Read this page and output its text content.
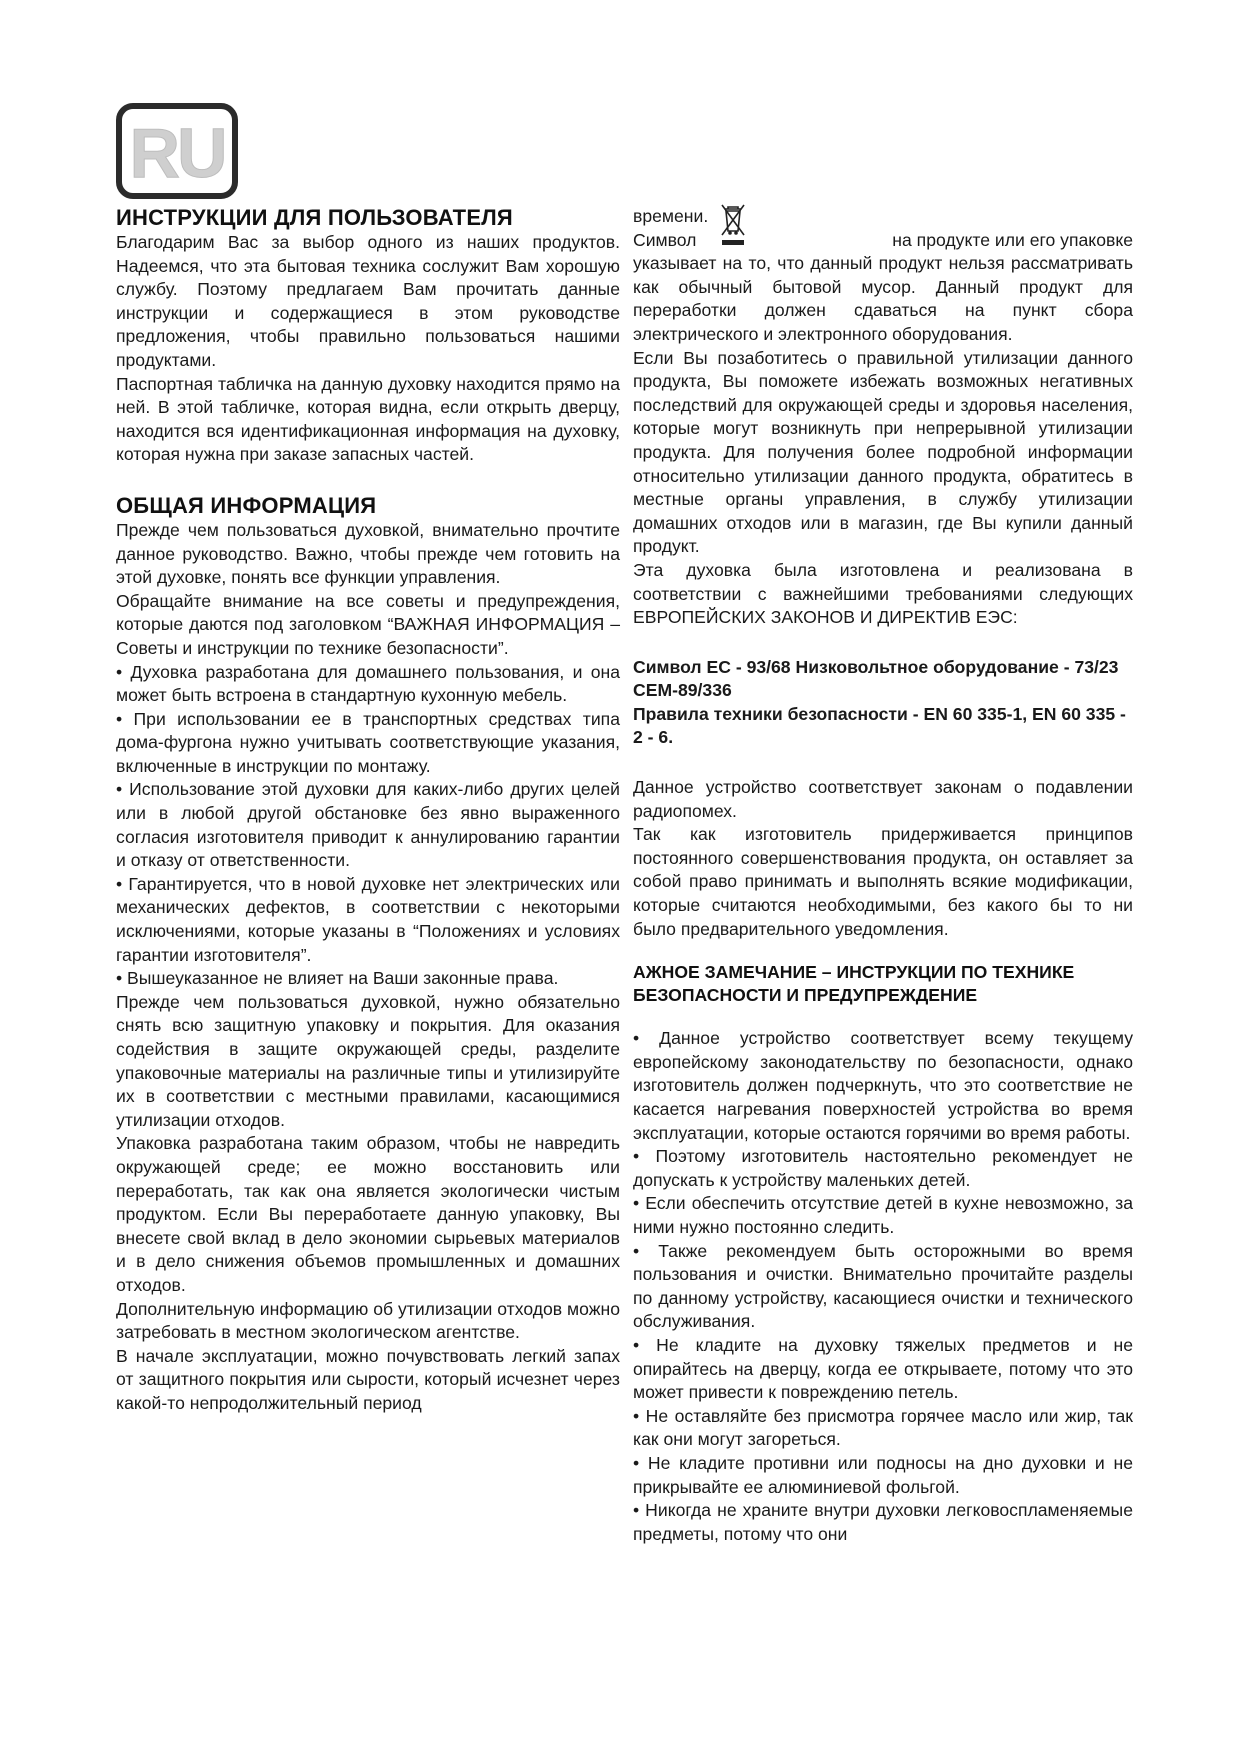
RU
ИНСТРУКЦИИ ДЛЯ ПОЛЬЗОВАТЕЛЯ

Благодарим Вас за выбор одного из наших продуктов. Надеемся, что эта бытовая техника сослужит Вам хорошую службу. Поэтому предлагаем Вам прочитать данные инструкции и содержащиеся в этом руководстве предложения, чтобы правильно пользоваться нашими продуктами.

Паспортная табличка на данную духовку находится прямо на ней. В этой табличке, которая видна, если открыть дверцу, находится вся идентификационная информация на духовку, которая нужна при заказе запасных частей.

ОБЩАЯ ИНФОРМАЦИЯ

Прежде чем пользоваться духовкой, внимательно прочтите данное руководство. Важно, чтобы прежде чем готовить на этой духовке, понять все функции управления.

Обращайте внимание на все советы и предупреждения, которые даются под заголовком “ВАЖНАЯ ИНФОРМАЦИЯ – Советы и инструкции по технике безопасности”.

• Духовка разработана для домашнего пользования, и она может быть встроена в стандартную кухонную мебель.

• При использовании ее в транспортных средствах типа дома-фургона нужно учитывать соответствующие указания, включенные в инструкции по монтажу.

• Использование этой духовки для каких-либо других целей или в любой другой обстановке без явно выраженного согласия изготовителя приводит к аннулированию гарантии и отказу от ответственности.

• Гарантируется, что в новой духовке нет электрических или механических дефектов, в соответствии с некоторыми исключениями, которые указаны в “Положениях и условиях гарантии изготовителя”.

• Вышеуказанное не влияет на Ваши законные права.

Прежде чем пользоваться духовкой, нужно обязательно снять всю защитную упаковку и покрытия. Для оказания содействия в защите окружающей среды, разделите упаковочные материалы на различные типы и утилизируйте их в соответствии с местными правилами, касающимися утилизации отходов.

Упаковка разработана таким образом, чтобы не навредить окружающей среде; ее можно восстановить или переработать, так как она является экологически чистым продуктом. Если Вы переработаете данную упаковку, Вы внесете свой вклад в дело экономии сырьевых материалов и в дело снижения объемов промышленных и домашних отходов.

Дополнительную информацию об утилизации отходов можно затребовать в местном экологическом агентстве.

В начале эксплуатации, можно почувствовать легкий запах от защитного покрытия или сырости, который исчезнет через какой-то непродолжительный период

времени.

Символ	на продукте или его упаковке

указывает на то, что данный продукт нельзя рассматривать как обычный бытовой мусор. Данный продукт для переработки должен сдаваться на пункт сбора электрического и электронного оборудования.

Если Вы позаботитесь о правильной утилизации данного продукта, Вы поможете избежать возможных негативных последствий для окружающей среды и здоровья населения, которые могут возникнуть при непрерывной утилизации продукта. Для получения более подробной информации относительно утилизации данного продукта, обратитесь в местные органы управления, в службу утилизации домашних отходов или в магазин, где Вы купили данный продукт.

Эта духовка была изготовлена и реализована в соответствии с важнейшими требованиями следующих ЕВРОПЕЙСКИХ ЗАКОНОВ И ДИРЕКТИВ ЕЭС:

Символ ЕС - 93/68 Низковольтное оборудование - 73/23 CEM-89/336

Правила техники безопасности - EN 60 335-1, EN 60 335 - 2 - 6.

Данное устройство соответствует законам о подавлении радиопомех.

Так как изготовитель придерживается принципов постоянного совершенствования продукта, он оставляет за собой право принимать и выполнять всякие модификации, которые считаются необходимыми, без какого бы то ни было предварительного уведомления.

АЖНОЕ ЗАМЕЧАНИЕ – ИНСТРУКЦИИ ПО ТЕХНИКЕ БЕЗОПАСНОСТИ И ПРЕДУПРЕЖДЕНИЕ

• Данное устройство соответствует всему текущему европейскому законодательству по безопасности, однако изготовитель должен подчеркнуть, что это соответствие не касается нагревания поверхностей устройства во время эксплуатации, которые остаются горячими во время работы.

• Поэтому изготовитель настоятельно рекомендует не допускать к устройству маленьких детей.

• Если обеспечить отсутствие детей в кухне невозможно, за ними нужно постоянно следить.

• Также рекомендуем быть осторожными во время пользования и очистки. Внимательно прочитайте разделы по данному устройству, касающиеся очистки и технического обслуживания.

• Не кладите на духовку тяжелых предметов и не опирайтесь на дверцу, когда ее открываете, потому что это может привести к повреждению петель.

• Не оставляйте без присмотра горячее масло или жир, так как они могут загореться.

• Не кладите противни или подносы на дно духовки и не прикрывайте ее алюминиевой фольгой.

• Никогда не храните внутри духовки легковоспламеняемые предметы, потому что они
